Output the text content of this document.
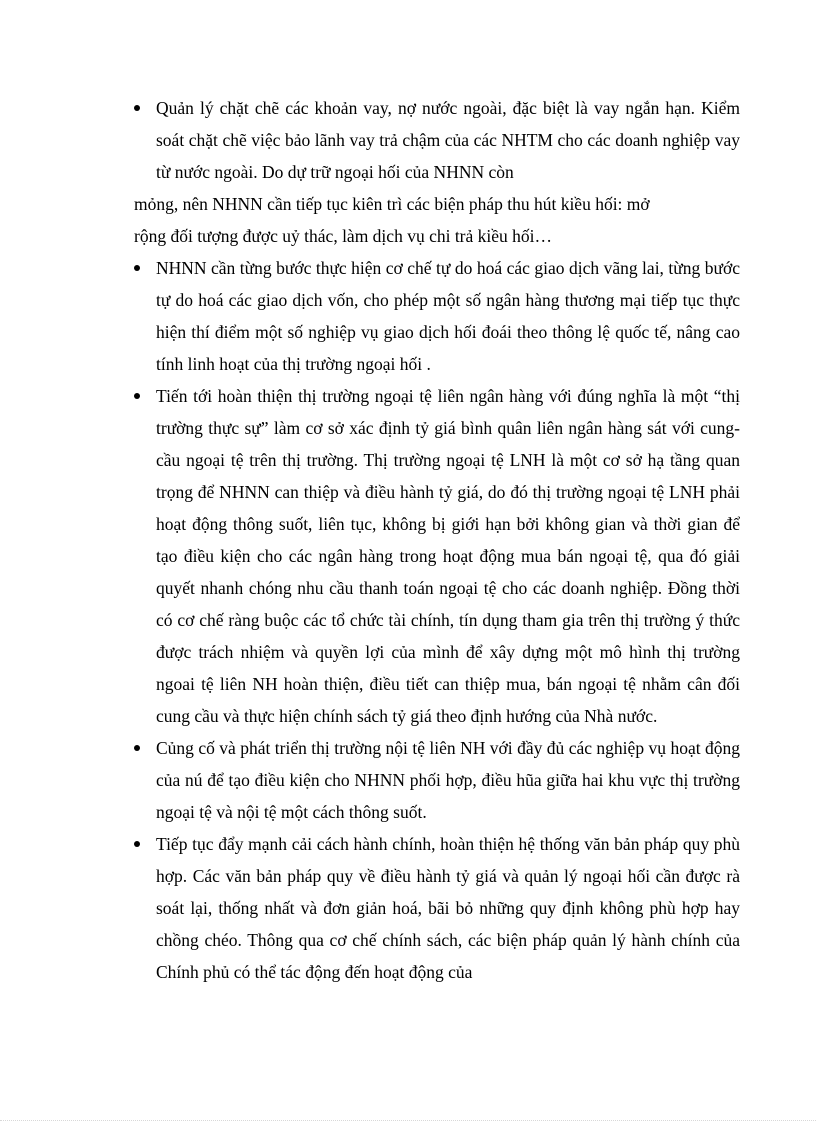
Quản lý chặt chẽ các khoản vay, nợ nước ngoài, đặc biệt là vay ngắn hạn. Kiểm soát chặt chẽ việc bảo lãnh vay trả chậm của các NHTM cho các doanh nghiệp vay từ nước ngoài. Do dự trữ ngoại hối của NHNN còn
mỏng, nên NHNN cần tiếp tục kiên trì các biện pháp thu hút kiều hối: mở
rộng đối tượng được uỷ thác, làm dịch vụ chi trả kiều hối…

NHNN cần từng bước thực hiện cơ chế tự do hoá các giao dịch vãng lai, từng bước tự do hoá các giao dịch vốn, cho phép một số ngân hàng thương mại tiếp tục thực hiện thí điểm một số nghiệp vụ giao dịch hối đoái theo thông lệ quốc tế, nâng cao tính linh hoạt của thị trường ngoại hối .

Tiến tới hoàn thiện thị trường ngoại tệ liên ngân hàng với đúng nghĩa là một “thị trường thực sự” làm cơ sở xác định tỷ giá bình quân liên ngân hàng sát với cung- cầu ngoại tệ trên thị trường. Thị trường ngoại tệ LNH là một cơ sở hạ tầng quan trọng để NHNN can thiệp và điều hành tỷ giá, do đó thị trường ngoại tệ LNH phải hoạt động thông suốt, liên tục, không bị giới hạn bởi không gian và thời gian để tạo điều kiện cho các ngân hàng trong hoạt động mua bán ngoại tệ, qua đó giải quyết nhanh chóng nhu cầu thanh toán ngoại tệ cho các doanh nghiệp. Đồng thời có cơ chế ràng buộc các tổ chức tài chính, tín dụng tham gia trên thị trường ý thức được trách nhiệm và quyền lợi của mình để xây dựng một mô hình thị trường ngoai tệ liên NH hoàn thiện, điều tiết can thiệp mua, bán ngoại tệ nhằm cân đối cung cầu và thực hiện chính sách tỷ giá theo định hướng của Nhà nước.

Củng cố và phát triển thị trường nội tệ liên NH với đầy đủ các nghiệp vụ hoạt động của nú để tạo điều kiện cho NHNN phối hợp, điều hũa giữa hai khu vực thị trường ngoại tệ và nội tệ một cách thông suốt.

Tiếp tục đẩy mạnh cải cách hành chính, hoàn thiện hệ thống văn bản pháp quy phù hợp. Các văn bản pháp quy về điều hành tỷ giá và quản lý ngoại hối cần được rà soát lại, thống nhất và đơn giản hoá, bãi bỏ những quy định không phù hợp hay chồng chéo. Thông qua cơ chế chính sách, các biện pháp quản lý hành chính của Chính phủ có thể tác động đến hoạt động của
